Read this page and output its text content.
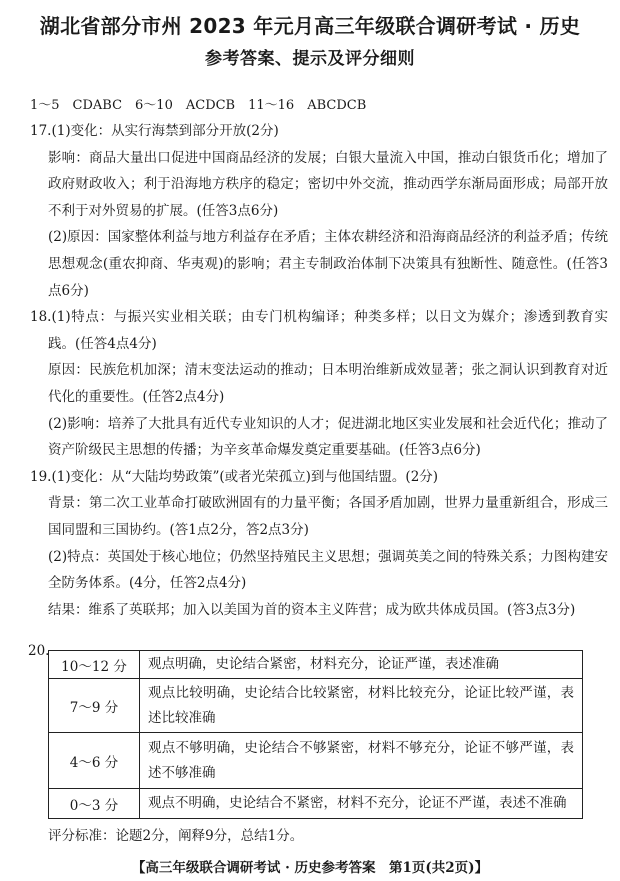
湖北省部分市州 2023 年元月高三年级联合调研考试 · 历史
参考答案、提示及评分细则
1～5　CDABC　6～10　ACDCB　11～16　ABCDCB

17.(1)变化：从实行海禁到部分开放(2分)

影响：商品大量出口促进中国商品经济的发展；白银大量流入中国，推动白银货币化；增加了政府财政收入；利于沿海地方秩序的稳定；密切中外交流，推动西学东渐局面形成；局部开放不利于对外贸易的扩展。(任答3点6分)

(2)原因：国家整体利益与地方利益存在矛盾；主体农耕经济和沿海商品经济的利益矛盾；传统思想观念(重农抑商、华夷观)的影响；君主专制政治体制下决策具有独断性、随意性。(任答3点6分)

18.(1)特点：与振兴实业相关联；由专门机构编译；种类多样；以日文为媒介；渗透到教育实践。(任答4点4分)

原因：民族危机加深；清末变法运动的推动；日本明治维新成效显著；张之洞认识到教育对近代化的重要性。(任答2点4分)

(2)影响：培养了大批具有近代专业知识的人才；促进湖北地区实业发展和社会近代化；推动了资产阶级民主思想的传播；为辛亥革命爆发奠定重要基础。(任答3点6分)

19.(1)变化：从“大陆均势政策”(或者光荣孤立)到与他国结盟。(2分)

背景：第二次工业革命打破欧洲固有的力量平衡；各国矛盾加剧，世界力量重新组合，形成三国同盟和三国协约。(答1点2分，答2点3分)

(2)特点：英国处于核心地位；仍然坚持殖民主义思想；强调英美之间的特殊关系；力图构建安全防务体系。(4分，任答2点4分)

结果：维系了英联邦；加入以美国为首的资本主义阵营；成为欧共体成员国。(答3点3分)

20.
10～12 分	观点明确，史论结合紧密，材料充分，论证严谨，表述准确
7～9 分	观点比较明确，史论结合比较紧密，材料比较充分，论证比较严谨，表述比较准确
4～6 分	观点不够明确，史论结合不够紧密，材料不够充分，论证不够严谨，表述不够准确
0～3 分	观点不明确，史论结合不紧密，材料不充分，论证不严谨，表述不准确
评分标准：论题2分，阐释9分，总结1分。
【高三年级联合调研考试 · 历史参考答案　第1页(共2页)】
